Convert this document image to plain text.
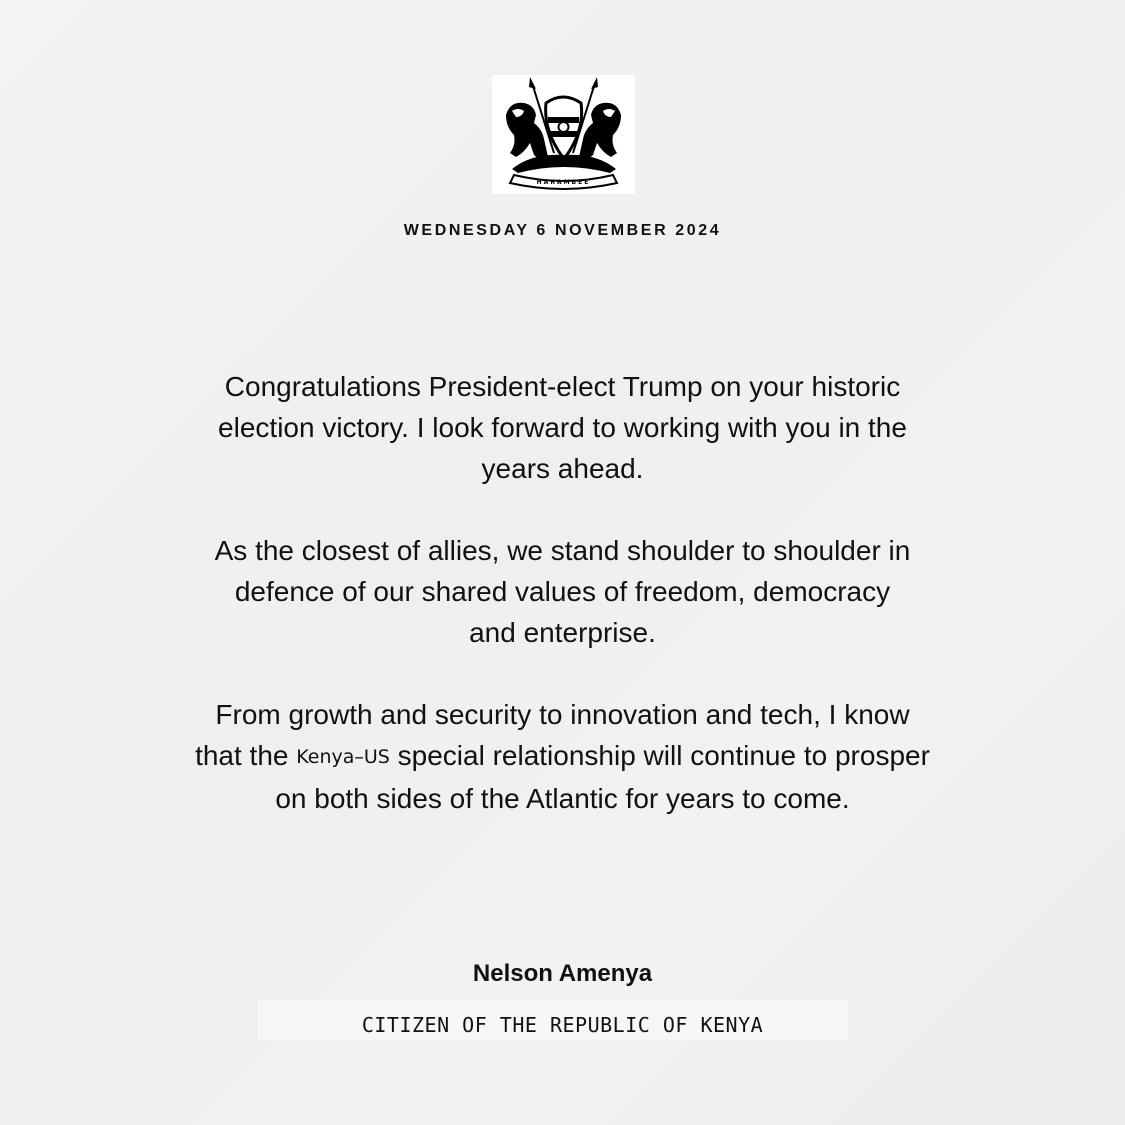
HARAMBEE
WEDNESDAY 6 NOVEMBER 2024
Congratulations President-elect Trump on your historic
election victory. I look forward to working with you in the
years ahead.
As the closest of allies, we stand shoulder to shoulder in
defence of our shared values of freedom, democracy
and enterprise.
From growth and security to innovation and tech, I know
that the Kenya–US special relationship will continue to prosper
on both sides of the Atlantic for years to come.
Nelson Amenya
CITIZEN OF THE REPUBLIC OF KENYA
